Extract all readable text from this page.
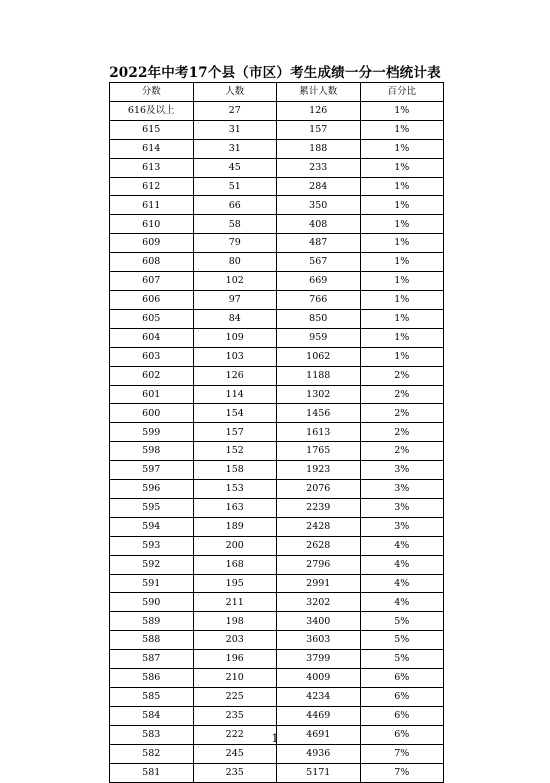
2022年中考17个县（市区）考生成绩一分一档统计表
分数	人数	累计人数	百分比
616及以上	27	126	1%
615	31	157	1%
614	31	188	1%
613	45	233	1%
612	51	284	1%
611	66	350	1%
610	58	408	1%
609	79	487	1%
608	80	567	1%
607	102	669	1%
606	97	766	1%
605	84	850	1%
604	109	959	1%
603	103	1062	1%
602	126	1188	2%
601	114	1302	2%
600	154	1456	2%
599	157	1613	2%
598	152	1765	2%
597	158	1923	3%
596	153	2076	3%
595	163	2239	3%
594	189	2428	3%
593	200	2628	4%
592	168	2796	4%
591	195	2991	4%
590	211	3202	4%
589	198	3400	5%
588	203	3603	5%
587	196	3799	5%
586	210	4009	6%
585	225	4234	6%
584	235	4469	6%
583	222	4691	6%
582	245	4936	7%
581	235	5171	7%
1
